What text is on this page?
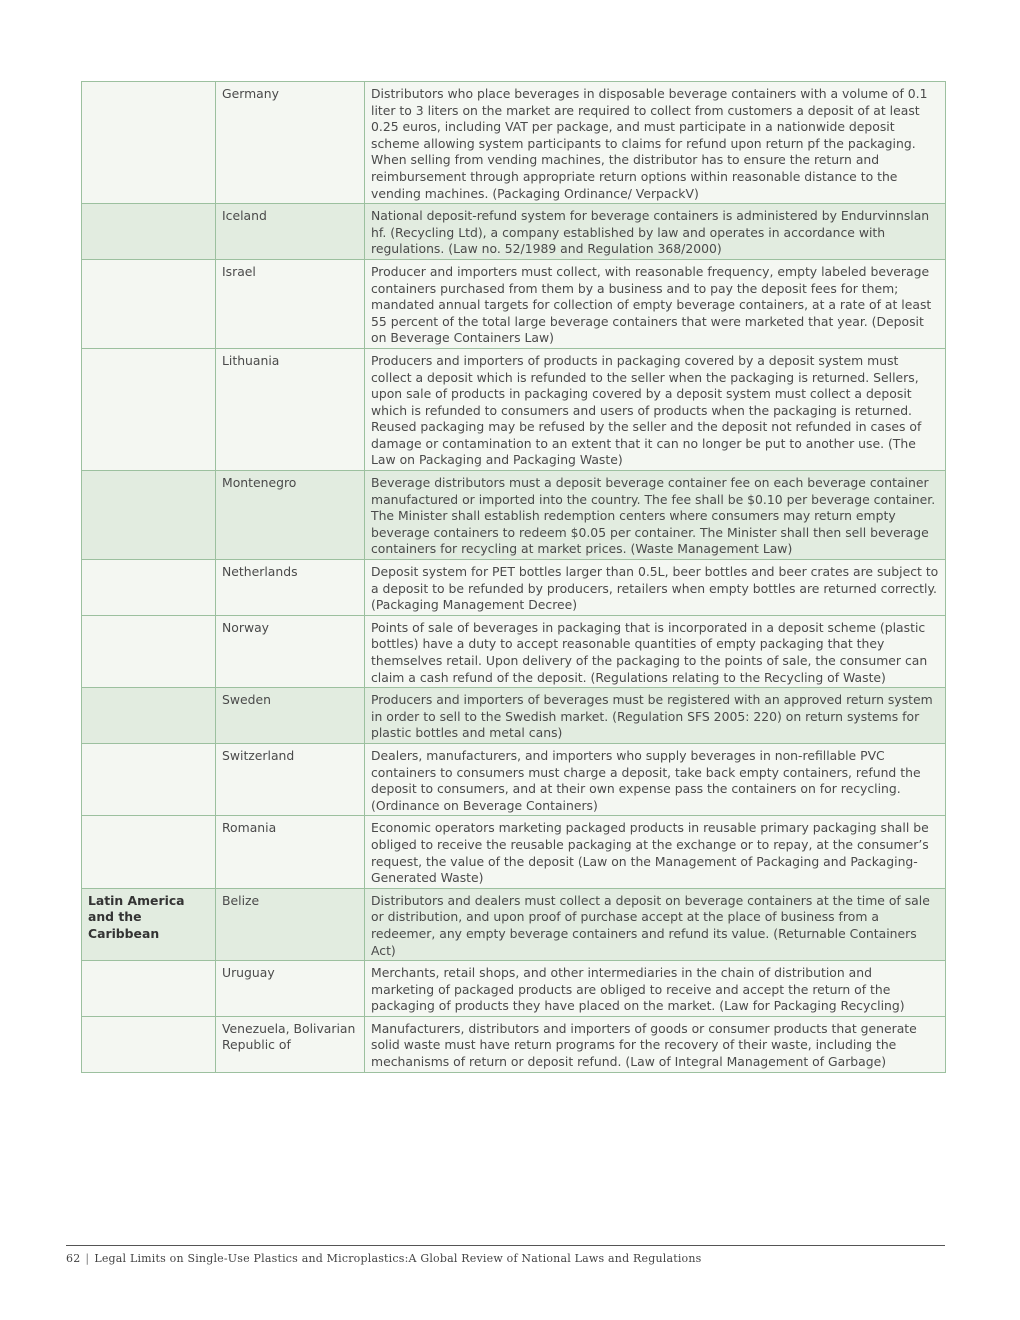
	Germany	Distributors who place beverages in disposable beverage containers with a volume of 0.1 liter to 3 liters on the market are required to collect from customers a deposit of at least 0.25 euros, including VAT per package, and must participate in a nationwide deposit scheme allowing system participants to claims for refund upon return pf the packaging. When selling from vending machines, the distributor has to ensure the return and reimbursement through appropriate return options within reasonable distance to the vending machines. (Packaging Ordinance/ VerpackV)
	Iceland	National deposit-refund system for beverage containers is administered by Endurvinnslan hf. (Recycling Ltd), a company established by law and operates in accordance with regulations. (Law no. 52/1989 and Regulation 368/2000)
	Israel	Producer and importers must collect, with reasonable frequency, empty labeled beverage containers purchased from them by a business and to pay the deposit fees for them; mandated annual targets for collection of empty beverage containers, at a rate of at least 55 percent of the total large beverage containers that were marketed that year. (Deposit on Beverage Containers Law)
	Lithuania	Producers and importers of products in packaging covered by a deposit system must collect a deposit which is refunded to the seller when the packaging is returned. Sellers, upon sale of products in packaging covered by a deposit system must collect a deposit which is refunded to consumers and users of products when the packaging is returned.        Reused packaging may be refused by the seller and the deposit not refunded in cases of damage or contamination to an extent that it can no longer be put to another use. (The Law on Packaging and Packaging Waste)
	Montenegro	Beverage distributors must a deposit beverage container fee on each beverage container manufactured or imported into the country. The fee shall be $0.10 per beverage container. The Minister shall establish redemption centers where consumers may return empty beverage containers to redeem $0.05 per container. The Minister shall then sell beverage containers for recycling at market prices. (Waste Management Law)
	Netherlands	Deposit system for PET bottles larger than 0.5L, beer bottles and beer crates are subject to a deposit to be refunded by producers, retailers when empty bottles are returned correctly. (Packaging Management Decree)
	Norway	Points of sale of beverages in packaging that is incorporated in a deposit scheme (plastic bottles) have a duty to accept reasonable quantities of empty packaging that they themselves retail. Upon delivery of the packaging to the points of sale, the consumer can claim a cash refund of the deposit. (Regulations relating to the Recycling of Waste)
	Sweden	Producers and importers of beverages must be registered with an approved return system in order to sell to the Swedish market. (Regulation SFS 2005: 220) on return systems for plastic bottles and metal cans)
	Switzerland	Dealers, manufacturers, and importers who supply beverages in non-refillable PVC containers to consumers must charge a deposit, take back empty containers, refund the deposit to consumers, and at their own expense pass the containers on for recycling. (Ordinance on Beverage Containers)
	Romania	Economic operators marketing packaged products in reusable primary packaging shall be obliged to receive the reusable packaging at the exchange or to repay, at the consumer’s request, the value of the deposit (Law on the Management of Packaging and Packaging-Generated Waste)
Latin America and the Caribbean	Belize	Distributors and dealers must collect a deposit on beverage containers at the time of sale or distribution, and upon proof of purchase accept at the place of business from a redeemer, any empty beverage containers and refund its value. (Returnable Containers Act)
	Uruguay	Merchants, retail shops, and other intermediaries in the chain of distribution and marketing of packaged products are obliged to receive and accept the return of the packaging of products they have placed on the market. (Law for Packaging Recycling)
	Venezuela, Bolivarian Republic of	Manufacturers, distributors and importers of goods or consumer products that generate solid waste must have return programs for the recovery of their waste, including the mechanisms of return or deposit refund. (Law of Integral Management of Garbage)
62 | Legal Limits on Single-Use Plastics and Microplastics:A Global Review of National Laws and Regulations
